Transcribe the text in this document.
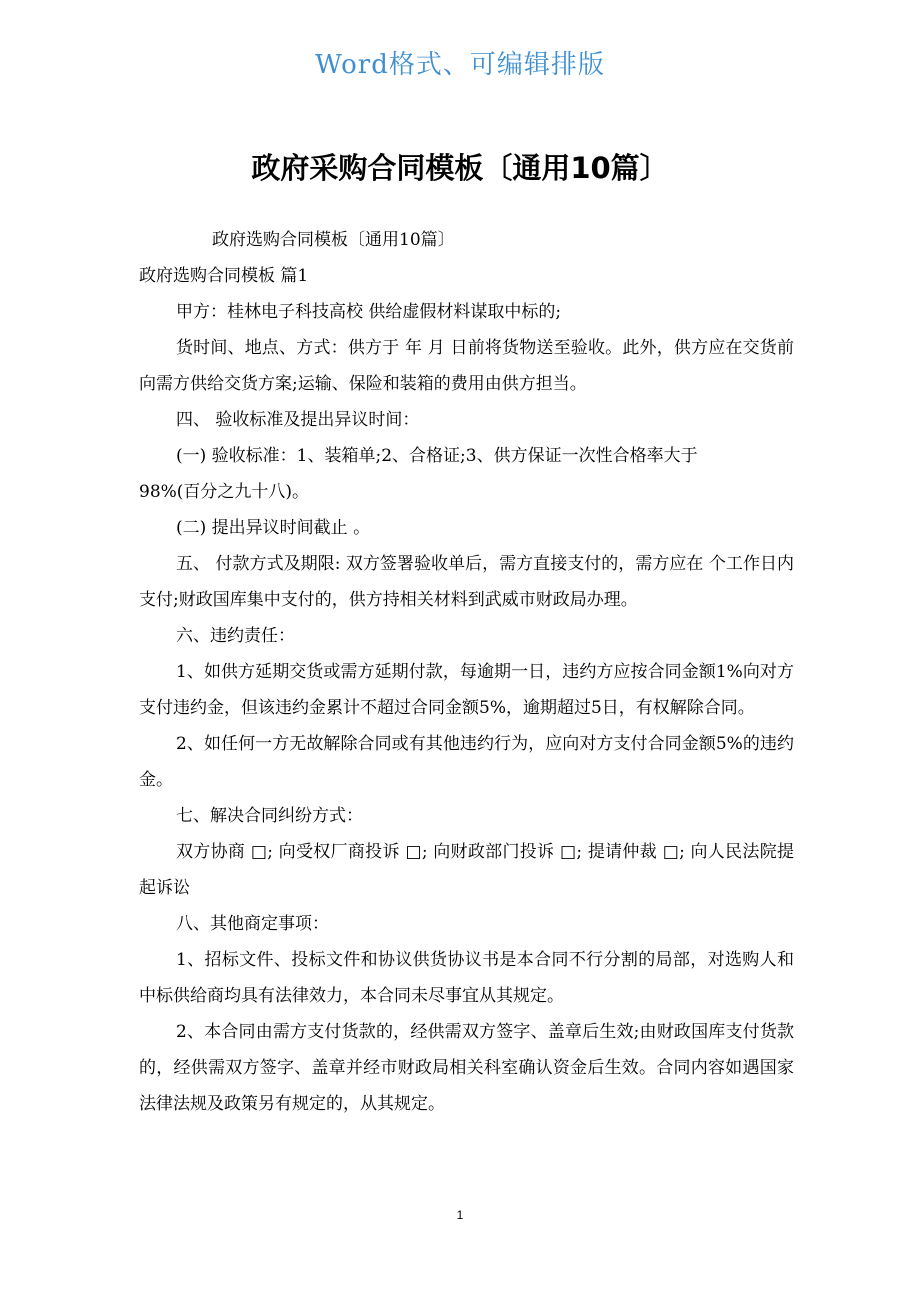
Word格式、可编辑排版
政府采购合同模板〔通用10篇〕

政府选购合同模板〔通用10篇〕

政府选购合同模板 篇1

甲方：桂林电子科技高校 供给虚假材料谋取中标的;

货时间、地点、方式：供方于 年 月 日前将货物送至验收。此外，供方应在交货前向需方供给交货方案;运输、保险和装箱的费用由供方担当。

四、 验收标准及提出异议时间：

(一) 验收标准：1、装箱单;2、合格证;3、供方保证一次性合格率大于

98%(百分之九十八)。

(二) 提出异议时间截止 。

五、 付款方式及期限: 双方签署验收单后，需方直接支付的，需方应在 个工作日内支付;财政国库集中支付的，供方持相关材料到武威市财政局办理。

六、违约责任：

1、如供方延期交货或需方延期付款，每逾期一日，违约方应按合同金额1%向对方支付违约金，但该违约金累计不超过合同金额5%，逾期超过5日，有权解除合同。

2、如任何一方无故解除合同或有其他违约行为，应向对方支付合同金额5%的违约金。

七、解决合同纠纷方式：

双方协商 □; 向受权厂商投诉 □; 向财政部门投诉 □; 提请仲裁 □; 向人民法院提起诉讼

八、其他商定事项：

1、招标文件、投标文件和协议供货协议书是本合同不行分割的局部，对选购人和中标供给商均具有法律效力，本合同未尽事宜从其规定。

2、本合同由需方支付货款的，经供需双方签字、盖章后生效;由财政国库支付货款的，经供需双方签字、盖章并经市财政局相关科室确认资金后生效。合同内容如遇国家法律法规及政策另有规定的，从其规定。

1
